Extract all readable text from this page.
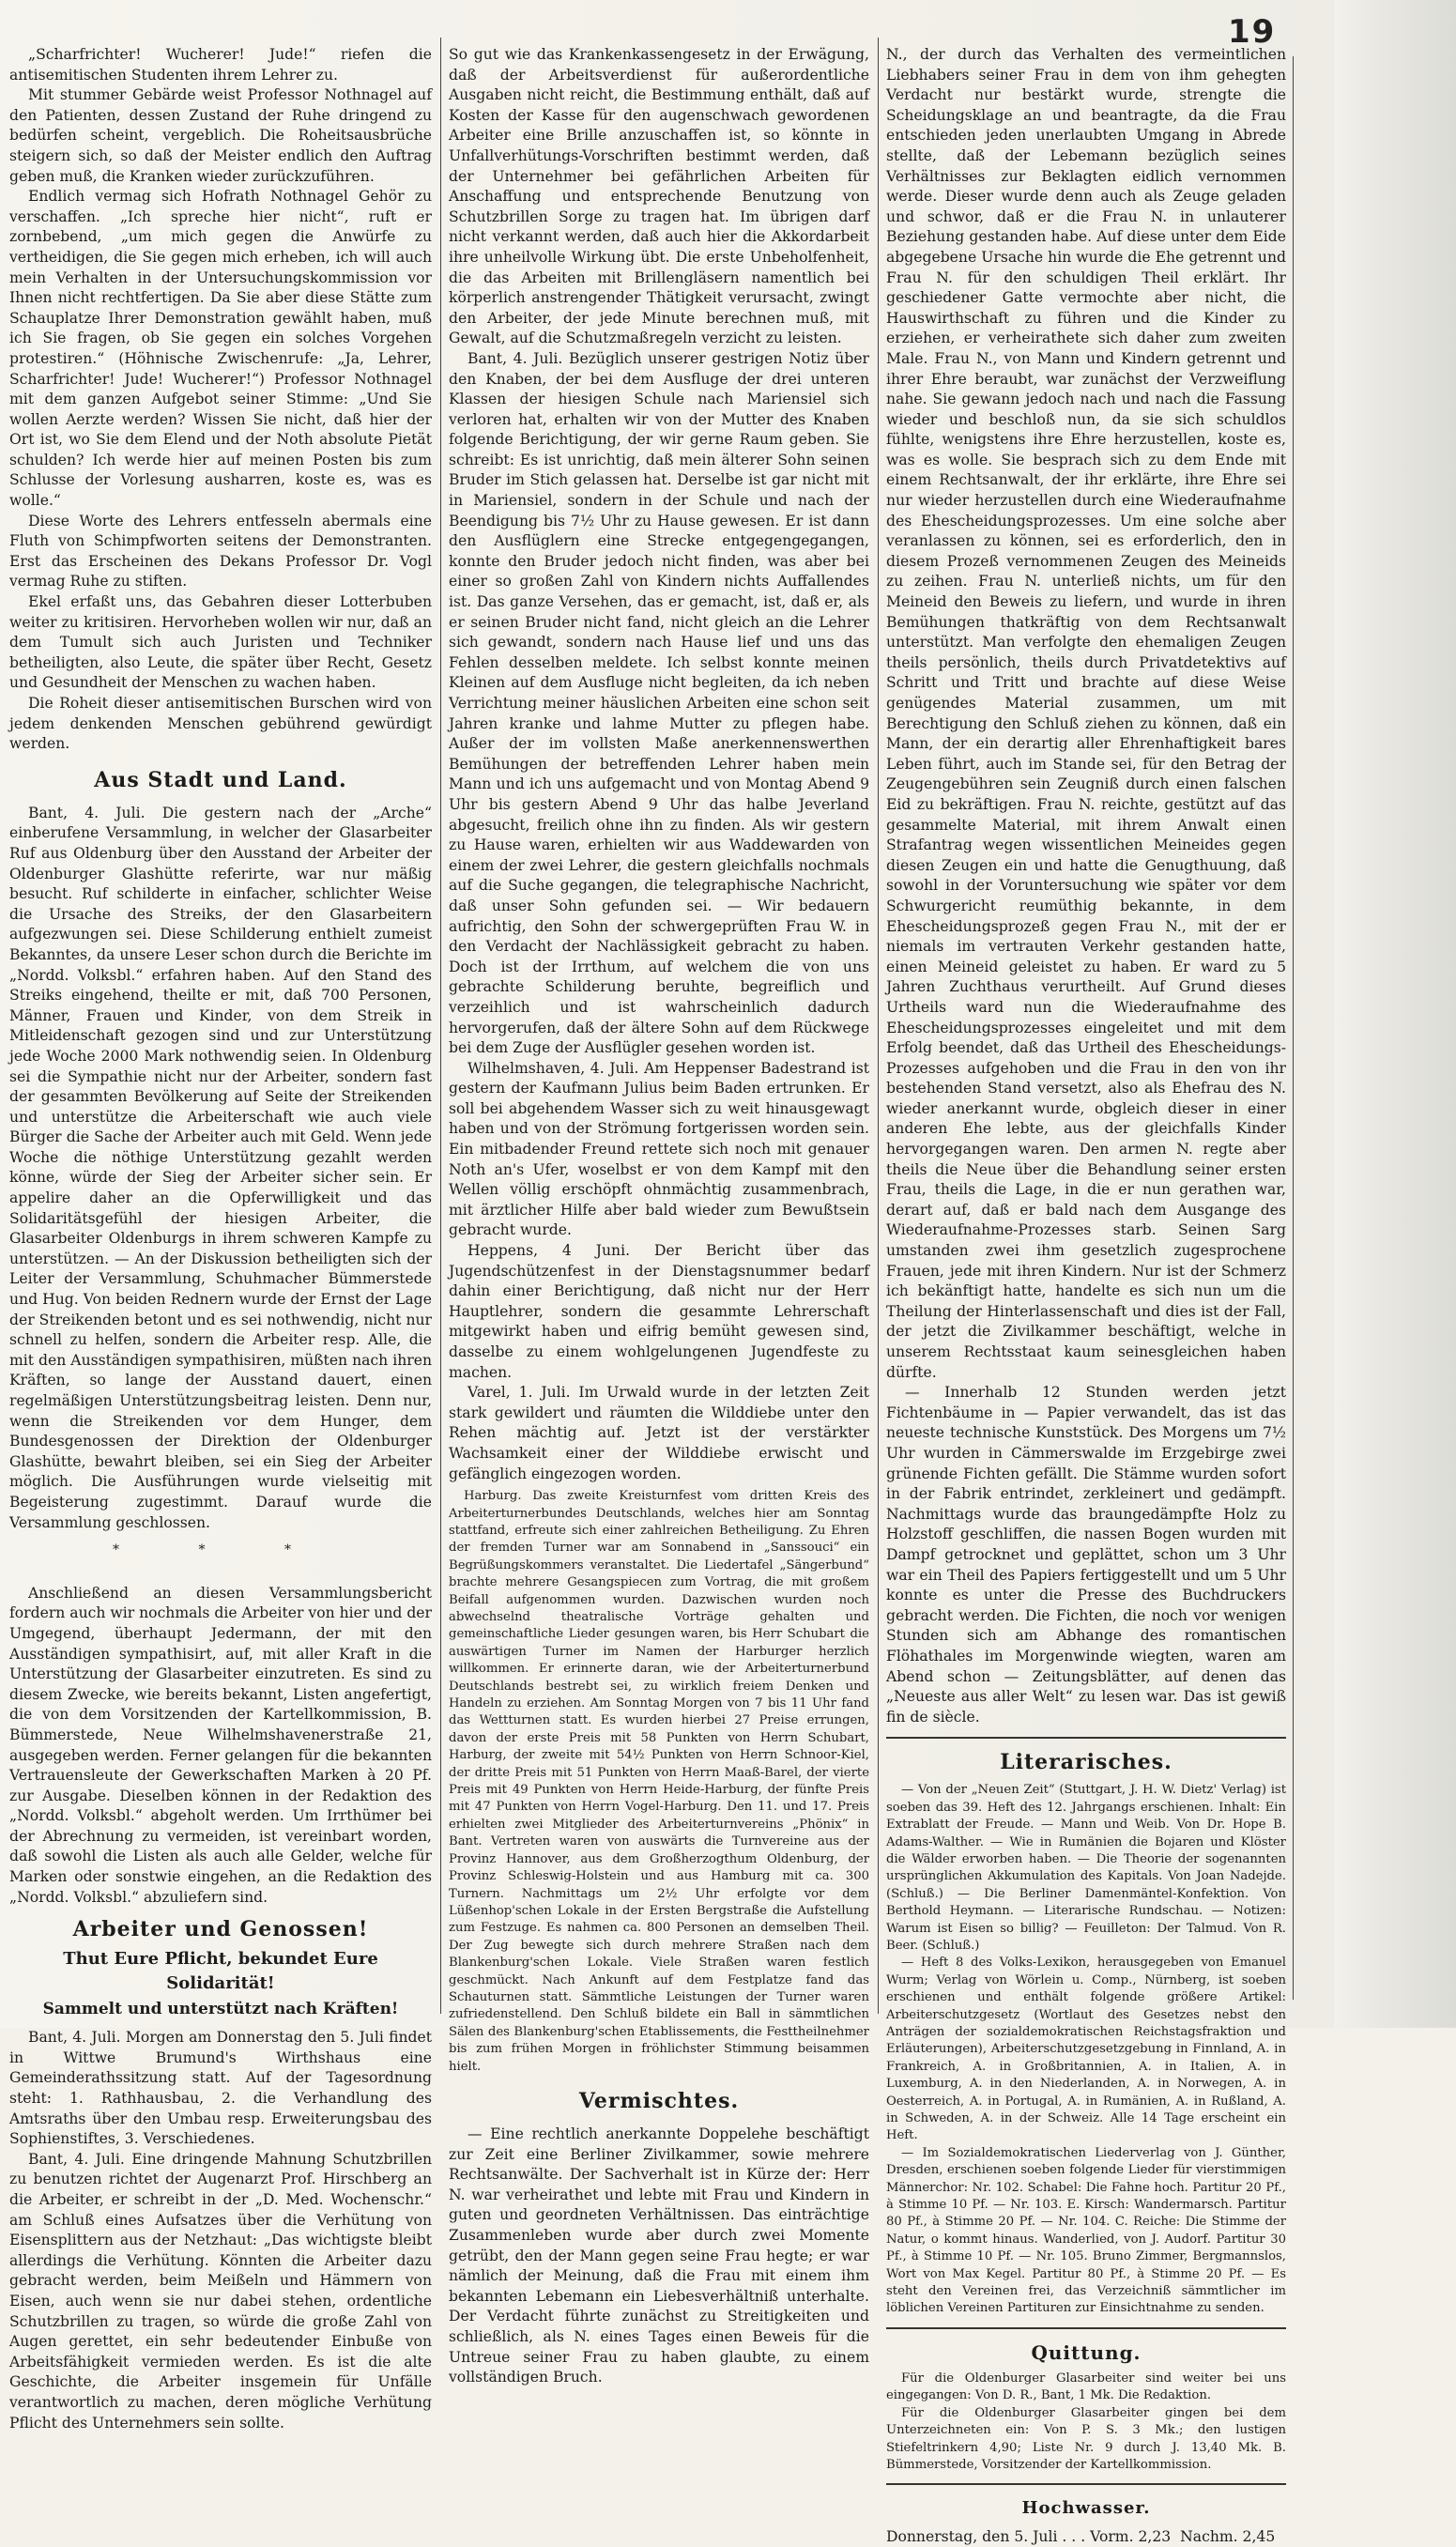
19

„Scharfrichter! Wucherer! Jude!“ riefen die antisemitischen Studenten ihrem Lehrer zu.

Mit stummer Gebärde weist Professor Nothnagel auf den Patienten, dessen Zustand der Ruhe dringend zu bedürfen scheint, vergeblich. Die Roheitsausbrüche steigern sich, so daß der Meister endlich den Auftrag geben muß, die Kranken wieder zurückzuführen.

Endlich vermag sich Hofrath Nothnagel Gehör zu verschaffen. „Ich spreche hier nicht“, ruft er zornbebend, „um mich gegen die Anwürfe zu vertheidigen, die Sie gegen mich erheben, ich will auch mein Verhalten in der Untersuchungskommission vor Ihnen nicht rechtfertigen. Da Sie aber diese Stätte zum Schauplatze Ihrer Demonstration gewählt haben, muß ich Sie fragen, ob Sie gegen ein solches Vorgehen protestiren.“ (Höhnische Zwischenrufe: „Ja, Lehrer, Scharfrichter! Jude! Wucherer!“) Professor Nothnagel mit dem ganzen Aufgebot seiner Stimme: „Und Sie wollen Aerzte werden? Wissen Sie nicht, daß hier der Ort ist, wo Sie dem Elend und der Noth absolute Pietät schulden? Ich werde hier auf meinen Posten bis zum Schlusse der Vorlesung ausharren, koste es, was es wolle.“

Diese Worte des Lehrers entfesseln abermals eine Fluth von Schimpfworten seitens der Demonstranten. Erst das Erscheinen des Dekans Professor Dr. Vogl vermag Ruhe zu stiften.

Ekel erfaßt uns, das Gebahren dieser Lotterbuben weiter zu kritisiren. Hervorheben wollen wir nur, daß an dem Tumult sich auch Juristen und Techniker betheiligten, also Leute, die später über Recht, Gesetz und Gesundheit der Menschen zu wachen haben.

Die Roheit dieser antisemitischen Burschen wird von jedem denkenden Menschen gebührend gewürdigt werden.

Aus Stadt und Land.

Bant, 4. Juli. Die gestern nach der „Arche“ einberufene Versammlung, in welcher der Glasarbeiter Ruf aus Oldenburg über den Ausstand der Arbeiter der Oldenburger Glashütte referirte, war nur mäßig besucht. Ruf schilderte in einfacher, schlichter Weise die Ursache des Streiks, der den Glasarbeitern aufgezwungen sei. Diese Schilderung enthielt zumeist Bekanntes, da unsere Leser schon durch die Berichte im „Nordd. Volksbl.“ erfahren haben. Auf den Stand des Streiks eingehend, theilte er mit, daß 700 Personen, Männer, Frauen und Kinder, von dem Streik in Mitleidenschaft gezogen sind und zur Unterstützung jede Woche 2000 Mark nothwendig seien. In Oldenburg sei die Sympathie nicht nur der Arbeiter, sondern fast der gesammten Bevölkerung auf Seite der Streikenden und unterstütze die Arbeiterschaft wie auch viele Bürger die Sache der Arbeiter auch mit Geld. Wenn jede Woche die nöthige Unterstützung gezahlt werden könne, würde der Sieg der Arbeiter sicher sein. Er appelire daher an die Opferwilligkeit und das Solidaritätsgefühl der hiesigen Arbeiter, die Glasarbeiter Oldenburgs in ihrem schweren Kampfe zu unterstützen. — An der Diskussion betheiligten sich der Leiter der Versammlung, Schuhmacher Bümmerstede und Hug. Von beiden Rednern wurde der Ernst der Lage der Streikenden betont und es sei nothwendig, nicht nur schnell zu helfen, sondern die Arbeiter resp. Alle, die mit den Ausständigen sympathisiren, müßten nach ihren Kräften, so lange der Ausstand dauert, einen regelmäßigen Unterstützungsbeitrag leisten. Denn nur, wenn die Streikenden vor dem Hunger, dem Bundesgenossen der Direktion der Oldenburger Glashütte, bewahrt bleiben, sei ein Sieg der Arbeiter möglich. Die Ausführungen wurde vielseitig mit Begeisterung zugestimmt. Darauf wurde die Versammlung geschlossen.

* * *

Anschließend an diesen Versammlungsbericht fordern auch wir nochmals die Arbeiter von hier und der Umgegend, überhaupt Jedermann, der mit den Ausständigen sympathisirt, auf, mit aller Kraft in die Unterstützung der Glasarbeiter einzutreten. Es sind zu diesem Zwecke, wie bereits bekannt, Listen angefertigt, die von dem Vorsitzenden der Kartellkommission, B. Bümmerstede, Neue Wilhelmshavenerstraße 21, ausgegeben werden. Ferner gelangen für die bekannten Vertrauensleute der Gewerkschaften Marken à 20 Pf. zur Ausgabe. Dieselben können in der Redaktion des „Nordd. Volksbl.“ abgeholt werden. Um Irrthümer bei der Abrechnung zu vermeiden, ist vereinbart worden, daß sowohl die Listen als auch alle Gelder, welche für Marken oder sonstwie eingehen, an die Redaktion des „Nordd. Volksbl.“ abzuliefern sind.

Arbeiter und Genossen!
Thut Eure Pflicht, bekundet Eure Solidarität!
Sammelt und unterstützt nach Kräften!

Bant, 4. Juli. Morgen am Donnerstag den 5. Juli findet in Wittwe Brumund's Wirthshaus eine Gemeinderathssitzung statt. Auf der Tagesordnung steht: 1. Rathhausbau, 2. die Verhandlung des Amtsraths über den Umbau resp. Erweiterungsbau des Sophienstiftes, 3. Verschiedenes.

Bant, 4. Juli. Eine dringende Mahnung Schutzbrillen zu benutzen richtet der Augenarzt Prof. Hirschberg an die Arbeiter, er schreibt in der „D. Med. Wochenschr.“ am Schluß eines Aufsatzes über die Verhütung von Eisensplittern aus der Netzhaut: „Das wichtigste bleibt allerdings die Verhütung. Könnten die Arbeiter dazu gebracht werden, beim Meißeln und Hämmern von Eisen, auch wenn sie nur dabei stehen, ordentliche Schutzbrillen zu tragen, so würde die große Zahl von Augen gerettet, ein sehr bedeutender Einbuße von Arbeitsfähigkeit vermieden werden. Es ist die alte Geschichte, die Arbeiter insgemein für Unfälle verantwortlich zu machen, deren mögliche Verhütung Pflicht des Unternehmers sein sollte.

So gut wie das Krankenkassengesetz in der Erwägung, daß der Arbeitsverdienst für außerordentliche Ausgaben nicht reicht, die Bestimmung enthält, daß auf Kosten der Kasse für den augenschwach gewordenen Arbeiter eine Brille anzuschaffen ist, so könnte in Unfallverhütungs-Vorschriften bestimmt werden, daß der Unternehmer bei gefährlichen Arbeiten für Anschaffung und entsprechende Benutzung von Schutzbrillen Sorge zu tragen hat. Im übrigen darf nicht verkannt werden, daß auch hier die Akkordarbeit ihre unheilvolle Wirkung übt. Die erste Unbeholfenheit, die das Arbeiten mit Brillengläsern namentlich bei körperlich anstrengender Thätigkeit verursacht, zwingt den Arbeiter, der jede Minute berechnen muß, mit Gewalt, auf die Schutzmaßregeln verzicht zu leisten.

Bant, 4. Juli. Bezüglich unserer gestrigen Notiz über den Knaben, der bei dem Ausfluge der drei unteren Klassen der hiesigen Schule nach Mariensiel sich verloren hat, erhalten wir von der Mutter des Knaben folgende Berichtigung, der wir gerne Raum geben. Sie schreibt: Es ist unrichtig, daß mein älterer Sohn seinen Bruder im Stich gelassen hat. Derselbe ist gar nicht mit in Mariensiel, sondern in der Schule und nach der Beendigung bis 7½ Uhr zu Hause gewesen. Er ist dann den Ausflüglern eine Strecke entgegengegangen, konnte den Bruder jedoch nicht finden, was aber bei einer so großen Zahl von Kindern nichts Auffallendes ist. Das ganze Versehen, das er gemacht, ist, daß er, als er seinen Bruder nicht fand, nicht gleich an die Lehrer sich gewandt, sondern nach Hause lief und uns das Fehlen desselben meldete. Ich selbst konnte meinen Kleinen auf dem Ausfluge nicht begleiten, da ich neben Verrichtung meiner häuslichen Arbeiten eine schon seit Jahren kranke und lahme Mutter zu pflegen habe. Außer der im vollsten Maße anerkennenswerthen Bemühungen der betreffenden Lehrer haben mein Mann und ich uns aufgemacht und von Montag Abend 9 Uhr bis gestern Abend 9 Uhr das halbe Jeverland abgesucht, freilich ohne ihn zu finden. Als wir gestern zu Hause waren, erhielten wir aus Waddewarden von einem der zwei Lehrer, die gestern gleichfalls nochmals auf die Suche gegangen, die telegraphische Nachricht, daß unser Sohn gefunden sei. — Wir bedauern aufrichtig, den Sohn der schwergeprüften Frau W. in den Verdacht der Nachlässigkeit gebracht zu haben. Doch ist der Irrthum, auf welchem die von uns gebrachte Schilderung beruhte, begreiflich und verzeihlich und ist wahrscheinlich dadurch hervorgerufen, daß der ältere Sohn auf dem Rückwege bei dem Zuge der Ausflügler gesehen worden ist.

Wilhelmshaven, 4. Juli. Am Heppenser Badestrand ist gestern der Kaufmann Julius beim Baden ertrunken. Er soll bei abgehendem Wasser sich zu weit hinausgewagt haben und von der Strömung fortgerissen worden sein. Ein mitbadender Freund rettete sich noch mit genauer Noth an's Ufer, woselbst er von dem Kampf mit den Wellen völlig erschöpft ohnmächtig zusammenbrach, mit ärztlicher Hilfe aber bald wieder zum Bewußtsein gebracht wurde.

Heppens, 4 Juni. Der Bericht über das Jugendschützenfest in der Dienstagsnummer bedarf dahin einer Berichtigung, daß nicht nur der Herr Hauptlehrer, sondern die gesammte Lehrerschaft mitgewirkt haben und eifrig bemüht gewesen sind, dasselbe zu einem wohlgelungenen Jugendfeste zu machen.

Varel, 1. Juli. Im Urwald wurde in der letzten Zeit stark gewildert und räumten die Wilddiebe unter den Rehen mächtig auf. Jetzt ist der verstärkter Wachsamkeit einer der Wilddiebe erwischt und gefänglich eingezogen worden.

Harburg. Das zweite Kreisturnfest vom dritten Kreis des Arbeiterturnerbundes Deutschlands, welches hier am Sonntag stattfand, erfreute sich einer zahlreichen Betheiligung. Zu Ehren der fremden Turner war am Sonnabend in „Sanssouci“ ein Begrüßungskommers veranstaltet. Die Liedertafel „Sängerbund“ brachte mehrere Gesangspiecen zum Vortrag, die mit großem Beifall aufgenommen wurden. Dazwischen wurden noch abwechselnd theatralische Vorträge gehalten und gemeinschaftliche Lieder gesungen waren, bis Herr Schubart die auswärtigen Turner im Namen der Harburger herzlich willkommen. Er erinnerte daran, wie der Arbeiterturnerbund Deutschlands bestrebt sei, zu wirklich freiem Denken und Handeln zu erziehen. Am Sonntag Morgen von 7 bis 11 Uhr fand das Wettturnen statt. Es wurden hierbei 27 Preise errungen, davon der erste Preis mit 58 Punkten von Herrn Schubart, Harburg, der zweite mit 54½ Punkten von Herrn Schnoor-Kiel, der dritte Preis mit 51 Punkten von Herrn Maaß-Barel, der vierte Preis mit 49 Punkten von Herrn Heide-Harburg, der fünfte Preis mit 47 Punkten von Herrn Vogel-Harburg. Den 11. und 17. Preis erhielten zwei Mitglieder des Arbeiterturnvereins „Phönix“ in Bant. Vertreten waren von auswärts die Turnvereine aus der Provinz Hannover, aus dem Großherzogthum Oldenburg, der Provinz Schleswig-Holstein und aus Hamburg mit ca. 300 Turnern. Nachmittags um 2½ Uhr erfolgte vor dem Lüßenhop'schen Lokale in der Ersten Bergstraße die Aufstellung zum Festzuge. Es nahmen ca. 800 Personen an demselben Theil. Der Zug bewegte sich durch mehrere Straßen nach dem Blankenburg'schen Lokale. Viele Straßen waren festlich geschmückt. Nach Ankunft auf dem Festplatze fand das Schauturnen statt. Sämmtliche Leistungen der Turner waren zufriedenstellend. Den Schluß bildete ein Ball in sämmtlichen Sälen des Blankenburg'schen Etablissements, die Festtheilnehmer bis zum frühen Morgen in fröhlichster Stimmung beisammen hielt.

Vermischtes.

— Eine rechtlich anerkannte Doppelehe beschäftigt zur Zeit eine Berliner Zivilkammer, sowie mehrere Rechtsanwälte. Der Sachverhalt ist in Kürze der: Herr N. war verheirathet und lebte mit Frau und Kindern in guten und geordneten Verhältnissen. Das einträchtige Zusammenleben wurde aber durch zwei Momente getrübt, den der Mann gegen seine Frau hegte; er war nämlich der Meinung, daß die Frau mit einem ihm bekannten Lebemann ein Liebesverhältniß unterhalte. Der Verdacht führte zunächst zu Streitigkeiten und schließlich, als N. eines Tages einen Beweis für die Untreue seiner Frau zu haben glaubte, zu einem vollständigen Bruch.

N., der durch das Verhalten des vermeintlichen Liebhabers seiner Frau in dem von ihm gehegten Verdacht nur bestärkt wurde, strengte die Scheidungsklage an und beantragte, da die Frau entschieden jeden unerlaubten Umgang in Abrede stellte, daß der Lebemann bezüglich seines Verhältnisses zur Beklagten eidlich vernommen werde. Dieser wurde denn auch als Zeuge geladen und schwor, daß er die Frau N. in unlauterer Beziehung gestanden habe. Auf diese unter dem Eide abgegebene Ursache hin wurde die Ehe getrennt und Frau N. für den schuldigen Theil erklärt. Ihr geschiedener Gatte vermochte aber nicht, die Hauswirthschaft zu führen und die Kinder zu erziehen, er verheirathete sich daher zum zweiten Male. Frau N., von Mann und Kindern getrennt und ihrer Ehre beraubt, war zunächst der Verzweiflung nahe. Sie gewann jedoch nach und nach die Fassung wieder und beschloß nun, da sie sich schuldlos fühlte, wenigstens ihre Ehre herzustellen, koste es, was es wolle. Sie besprach sich zu dem Ende mit einem Rechtsanwalt, der ihr erklärte, ihre Ehre sei nur wieder herzustellen durch eine Wiederaufnahme des Ehescheidungsprozesses. Um eine solche aber veranlassen zu können, sei es erforderlich, den in diesem Prozeß vernommenen Zeugen des Meineids zu zeihen. Frau N. unterließ nichts, um für den Meineid den Beweis zu liefern, und wurde in ihren Bemühungen thatkräftig von dem Rechtsanwalt unterstützt. Man verfolgte den ehemaligen Zeugen theils persönlich, theils durch Privatdetektivs auf Schritt und Tritt und brachte auf diese Weise genügendes Material zusammen, um mit Berechtigung den Schluß ziehen zu können, daß ein Mann, der ein derartig aller Ehrenhaftigkeit bares Leben führt, auch im Stande sei, für den Betrag der Zeugengebühren sein Zeugniß durch einen falschen Eid zu bekräftigen. Frau N. reichte, gestützt auf das gesammelte Material, mit ihrem Anwalt einen Strafantrag wegen wissentlichen Meineides gegen diesen Zeugen ein und hatte die Genugthuung, daß sowohl in der Voruntersuchung wie später vor dem Schwurgericht reumüthig bekannte, in dem Ehescheidungsprozeß gegen Frau N., mit der er niemals im vertrauten Verkehr gestanden hatte, einen Meineid geleistet zu haben. Er ward zu 5 Jahren Zuchthaus verurtheilt. Auf Grund dieses Urtheils ward nun die Wiederaufnahme des Ehescheidungsprozesses eingeleitet und mit dem Erfolg beendet, daß das Urtheil des Ehescheidungs-Prozesses aufgehoben und die Frau in den von ihr bestehenden Stand versetzt, also als Ehefrau des N. wieder anerkannt wurde, obgleich dieser in einer anderen Ehe lebte, aus der gleichfalls Kinder hervorgegangen waren. Den armen N. regte aber theils die Neue über die Behandlung seiner ersten Frau, theils die Lage, in die er nun gerathen war, derart auf, daß er bald nach dem Ausgange des Wiederaufnahme-Prozesses starb. Seinen Sarg umstanden zwei ihm gesetzlich zugesprochene Frauen, jede mit ihren Kindern. Nur ist der Schmerz ich bekänftigt hatte, handelte es sich nun um die Theilung der Hinterlassenschaft und dies ist der Fall, der jetzt die Zivilkammer beschäftigt, welche in unserem Rechtsstaat kaum seinesgleichen haben dürfte.

— Innerhalb 12 Stunden werden jetzt Fichtenbäume in — Papier verwandelt, das ist das neueste technische Kunststück. Des Morgens um 7½ Uhr wurden in Cämmerswalde im Erzgebirge zwei grünende Fichten gefällt. Die Stämme wurden sofort in der Fabrik entrindet, zerkleinert und gedämpft. Nachmittags wurde das braungedämpfte Holz zu Holzstoff geschliffen, die nassen Bogen wurden mit Dampf getrocknet und geplättet, schon um 3 Uhr war ein Theil des Papiers fertiggestellt und um 5 Uhr konnte es unter die Presse des Buchdruckers gebracht werden. Die Fichten, die noch vor wenigen Stunden sich am Abhange des romantischen Flöhathales im Morgenwinde wiegten, waren am Abend schon — Zeitungsblätter, auf denen das „Neueste aus aller Welt“ zu lesen war. Das ist gewiß fin de siècle.

Literarisches.

— Von der „Neuen Zeit“ (Stuttgart, J. H. W. Dietz' Verlag) ist soeben das 39. Heft des 12. Jahrgangs erschienen. Inhalt: Ein Extrablatt der Freude. — Mann und Weib. Von Dr. Hope B. Adams-Walther. — Wie in Rumänien die Bojaren und Klöster die Wälder erworben haben. — Die Theorie der sogenannten ursprünglichen Akkumulation des Kapitals. Von Joan Nadejde. (Schluß.) — Die Berliner Damenmäntel-Konfektion. Von Berthold Heymann. — Literarische Rundschau. — Notizen: Warum ist Eisen so billig? — Feuilleton: Der Talmud. Von R. Beer. (Schluß.)

— Heft 8 des Volks-Lexikon, herausgegeben von Emanuel Wurm; Verlag von Wörlein u. Comp., Nürnberg, ist soeben erschienen und enthält folgende größere Artikel: Arbeiterschutzgesetz (Wortlaut des Gesetzes nebst den Anträgen der sozialdemokratischen Reichstagsfraktion und Erläuterungen), Arbeiterschutzgesetzgebung in Finnland, A. in Frankreich, A. in Großbritannien, A. in Italien, A. in Luxemburg, A. in den Niederlanden, A. in Norwegen, A. in Oesterreich, A. in Portugal, A. in Rumänien, A. in Rußland, A. in Schweden, A. in der Schweiz. Alle 14 Tage erscheint ein Heft.

— Im Sozialdemokratischen Liederverlag von J. Günther, Dresden, erschienen soeben folgende Lieder für vierstimmigen Männerchor: Nr. 102. Schabel: Die Fahne hoch. Partitur 20 Pf., à Stimme 10 Pf. — Nr. 103. E. Kirsch: Wandermarsch. Partitur 80 Pf., à Stimme 20 Pf. — Nr. 104. C. Reiche: Die Stimme der Natur, o kommt hinaus. Wanderlied, von J. Audorf. Partitur 30 Pf., à Stimme 10 Pf. — Nr. 105. Bruno Zimmer, Bergmannslos, Wort von Max Kegel. Partitur 80 Pf., à Stimme 20 Pf. — Es steht den Vereinen frei, das Verzeichniß sämmtlicher im löblichen Vereinen Partituren zur Einsichtnahme zu senden.

Quittung.

Für die Oldenburger Glasarbeiter sind weiter bei uns eingegangen: Von D. R., Bant, 1 Mk. Die Redaktion.

Für die Oldenburger Glasarbeiter gingen bei dem Unterzeichneten ein: Von P. S. 3 Mk.; den lustigen Stiefeltrinkern 4,90; Liste Nr. 9 durch J. 13,40 Mk. B. Bümmerstede, Vorsitzender der Kartellkommission.

Hochwasser.
Donnerstag, den 5. Juli . . . Vorm. 2,23  Nachm. 2,45
